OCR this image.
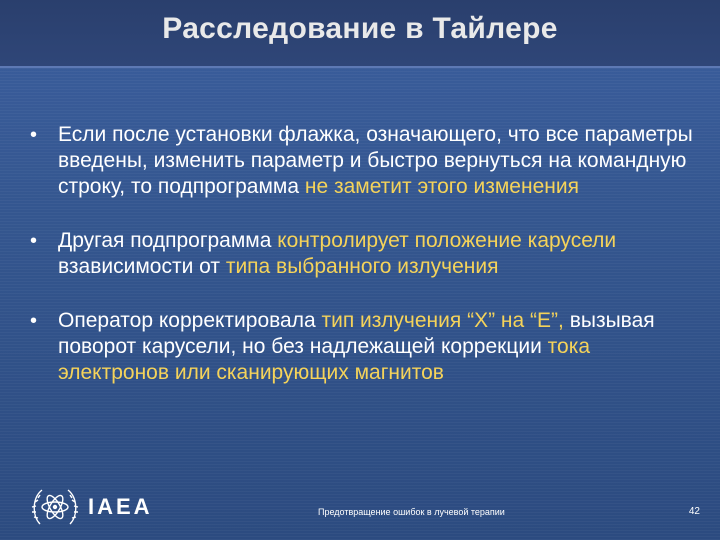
Расследование в Тайлере
• Если после установки флажка, означающего, что все параметры введены, изменить параметр и быстро вернуться на командную строку, то подпрограмма не заметит этого изменения
• Другая подпрограмма контролирует положение карусели взависимости от типа выбранного излучения
• Оператор корректировала тип излучения “X” на “E”, вызывая поворот карусели, но без надлежащей коррекции тока электронов или сканирующих магнитов
IAEA	Предотвращение ошибок в лучевой терапии	42
